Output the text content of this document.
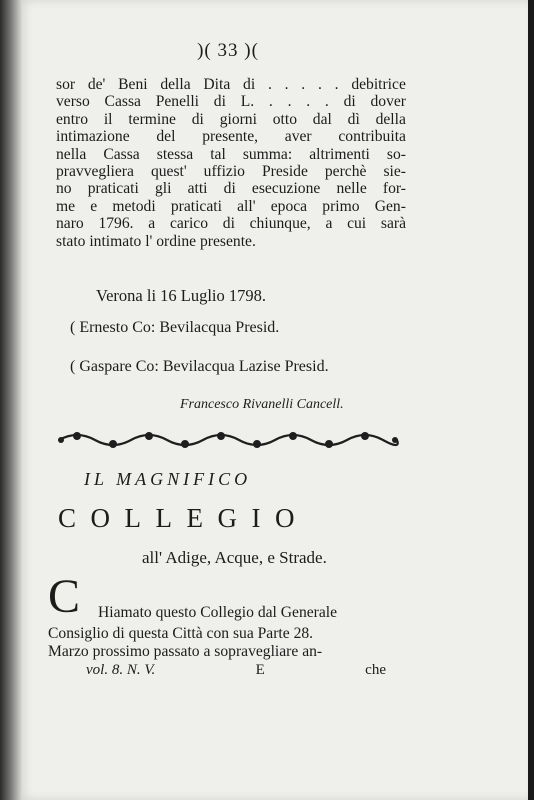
)( 33 )(
sor de' Beni della Dita di . . . . . debitrice
verso Cassa Penelli di L. . . . . di dover
entro il termine di giorni otto dal dì della
intimazione del presente, aver contribuita
nella Cassa stessa tal summa: altrimenti so-
pravvegliera quest' uffizio Preside perchè sie-
no praticati gli atti di esecuzione nelle for-
me e metodi praticati all' epoca primo Gen-
naro 1796. a carico di chiunque, a cui sarà
stato intimato l' ordine presente.
Verona li 16 Luglio 1798.
( Ernesto Co: Bevilacqua Presid.
( Gaspare Co: Bevilacqua Lazise Presid.
Francesco Rivanelli Cancell.
IL MAGNIFICO
COLLEGIO
all' Adige, Acque, e Strade.
C Hiamato questo Collegio dal Generale
Consiglio di questa Città con sua Parte 28.
Marzo prossimo passato a sopravegliare an-
vol. 8. N. V.	E	che
